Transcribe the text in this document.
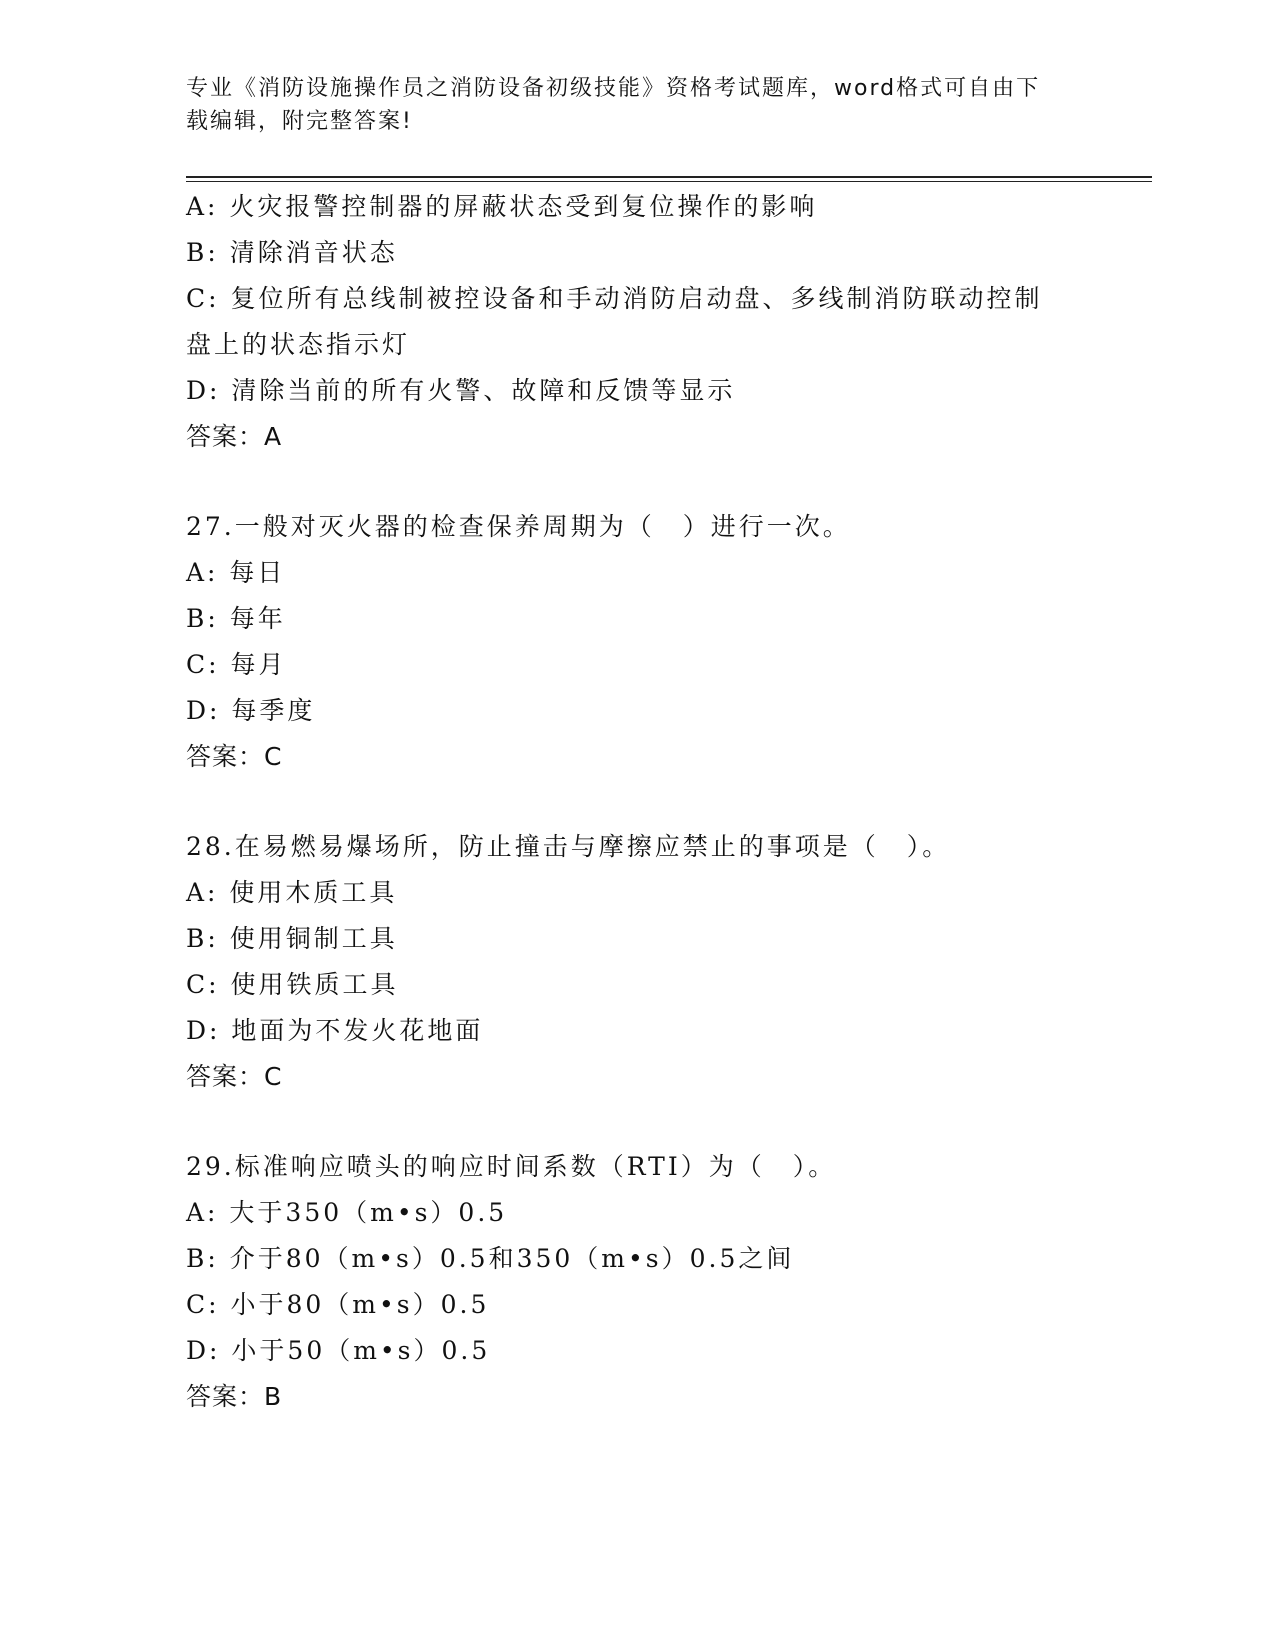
专业《消防设施操作员之消防设备初级技能》资格考试题库，word格式可自由下
载编辑，附完整答案!
A: 火灾报警控制器的屏蔽状态受到复位操作的影响
B: 清除消音状态
C: 复位所有总线制被控设备和手动消防启动盘、多线制消防联动控制
盘上的状态指示灯
D: 清除当前的所有火警、故障和反馈等显示
答案：A
27.一般对灭火器的检查保养周期为（　）进行一次。
A: 每日
B: 每年
C: 每月
D: 每季度
答案：C
28.在易燃易爆场所，防止撞击与摩擦应禁止的事项是（　）。
A: 使用木质工具
B: 使用铜制工具
C: 使用铁质工具
D: 地面为不发火花地面
答案：C
29.标准响应喷头的响应时间系数（RTI）为（　）。
A: 大于350（m•s）0.5
B: 介于80（m•s）0.5和350（m•s）0.5之间
C: 小于80（m•s）0.5
D: 小于50（m•s）0.5
答案：B
